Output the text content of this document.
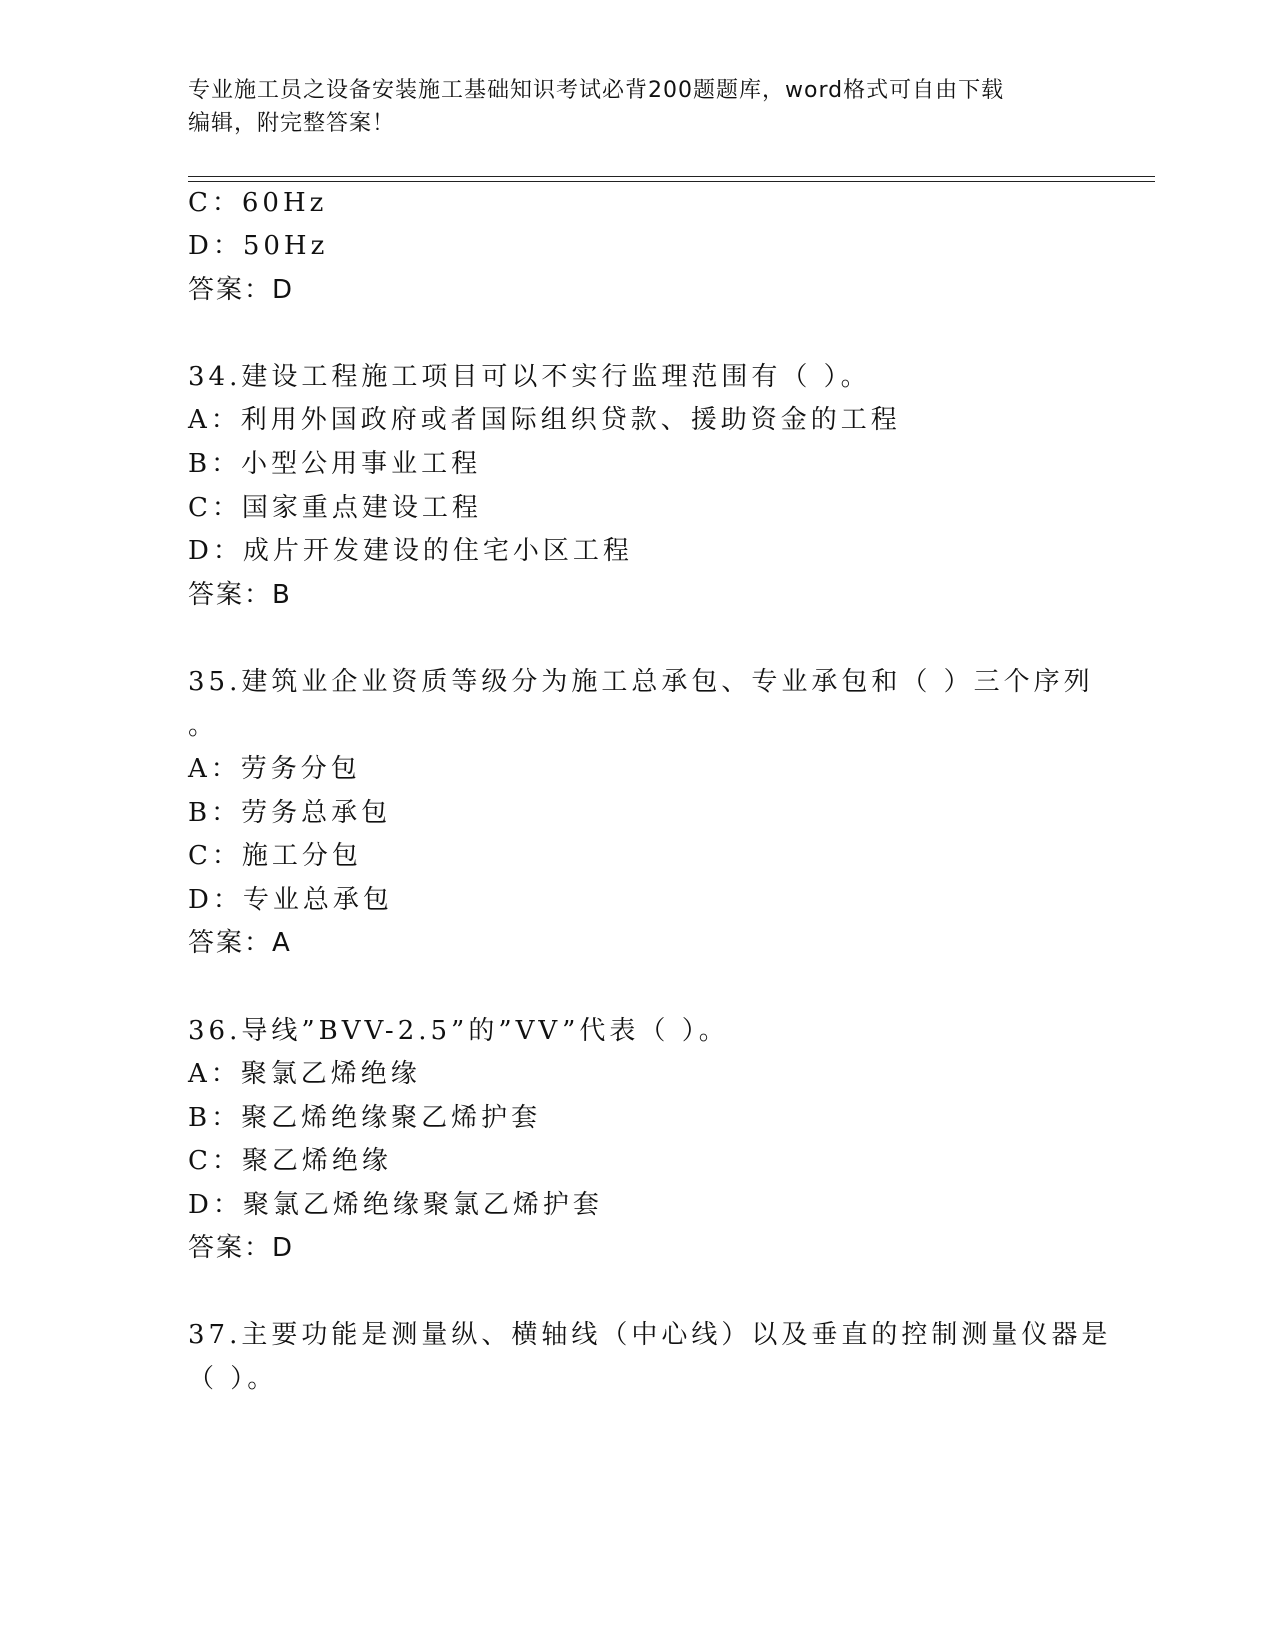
专业施工员之设备安装施工基础知识考试必背200题题库，word格式可自由下载
编辑，附完整答案！
C：60Hz
D：50Hz
答案：D
34.建设工程施工项目可以不实行监理范围有（ ）。
A：利用外国政府或者国际组织贷款、援助资金的工程
B：小型公用事业工程
C：国家重点建设工程
D：成片开发建设的住宅小区工程
答案：B
35.建筑业企业资质等级分为施工总承包、专业承包和（ ）三个序列
。
A：劳务分包
B：劳务总承包
C：施工分包
D：专业总承包
答案：A
36.导线”BVV-2.5”的”VV”代表（ ）。
A：聚氯乙烯绝缘
B：聚乙烯绝缘聚乙烯护套
C：聚乙烯绝缘
D：聚氯乙烯绝缘聚氯乙烯护套
答案：D
37.主要功能是测量纵、横轴线（中心线）以及垂直的控制测量仪器是
（ ）。
